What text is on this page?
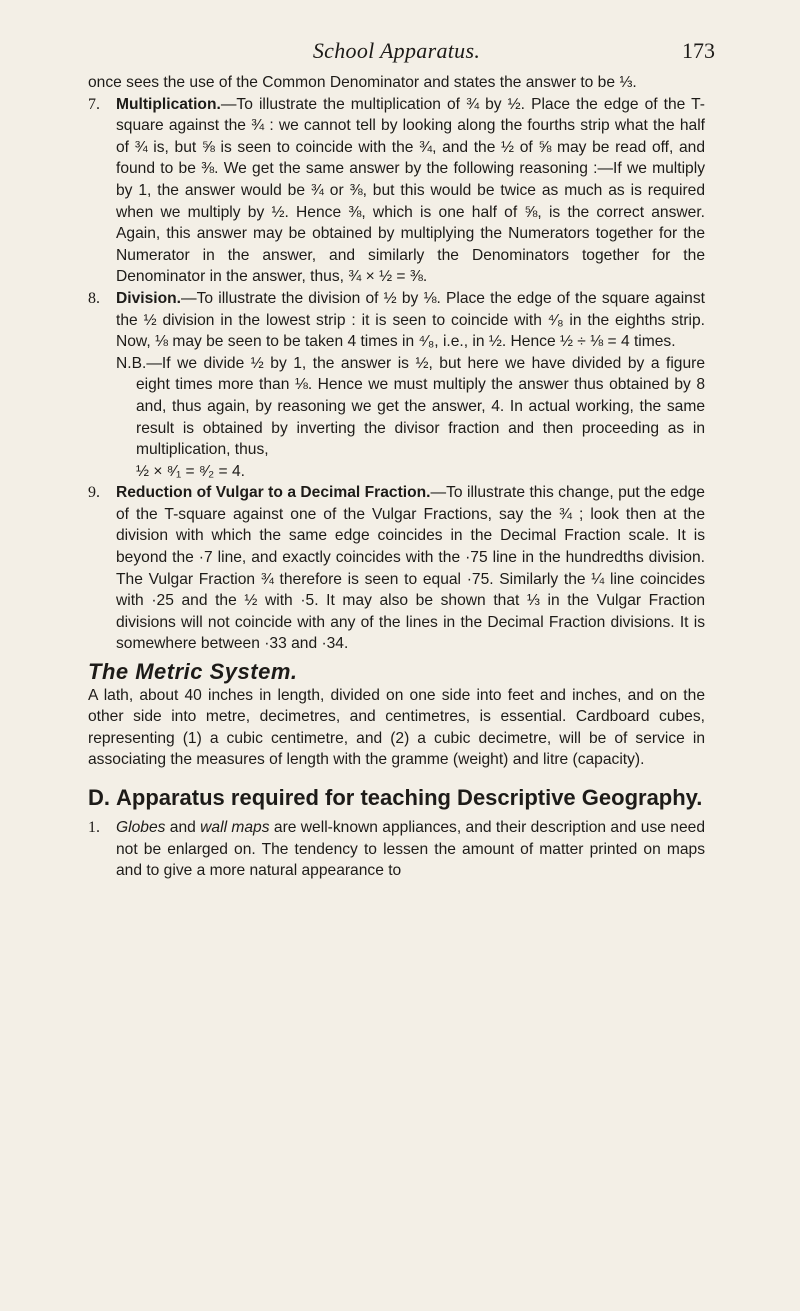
School Apparatus.	173

once sees the use of the Common Denominator and states the answer to be ⅓.

7. Multiplication.—To illustrate the multiplication of ¾ by ½. Place the edge of the T-square against the ¾ : we cannot tell by looking along the fourths strip what the half of ¾ is, but ⅝ is seen to coincide with the ¾, and the ½ of ⅝ may be read off, and found to be ⅜. We get the same answer by the following reasoning :—If we multiply by 1, the answer would be ¾ or ⅜, but this would be twice as much as is required when we multiply by ½. Hence ⅜, which is one half of ⅝, is the correct answer. Again, this answer may be obtained by multiplying the Numerators together for the Numerator in the answer, and similarly the Denominators together for the Denominator in the answer, thus, ¾ × ½ = ⅜.

8. Division.—To illustrate the division of ½ by ⅛. Place the edge of the square against the ½ division in the lowest strip : it is seen to coincide with ⁴⁄₈ in the eighths strip. Now, ⅛ may be seen to be taken 4 times in ⁴⁄₈, i.e., in ½. Hence ½ ÷ ⅛ = 4 times.

N.B.—If we divide ½ by 1, the answer is ½, but here we have divided by a figure eight times more than ⅛. Hence we must multiply the answer thus obtained by 8 and, thus again, by reasoning we get the answer, 4. In actual working, the same result is obtained by inverting the divisor fraction and then proceeding as in multiplication, thus,
½ × ⁸⁄₁ = ⁸⁄₂ = 4.

9. Reduction of Vulgar to a Decimal Fraction.—To illustrate this change, put the edge of the T-square against one of the Vulgar Fractions, say the ¾ ; look then at the division with which the same edge coincides in the Decimal Fraction scale. It is beyond the ·7 line, and exactly coincides with the ·75 line in the hundredths division. The Vulgar Fraction ¾ therefore is seen to equal ·75. Similarly the ¼ line coincides with ·25 and the ½ with ·5. It may also be shown that ⅓ in the Vulgar Fraction divisions will not coincide with any of the lines in the Decimal Fraction divisions. It is somewhere between ·33 and ·34.

The Metric System.

A lath, about 40 inches in length, divided on one side into feet and inches, and on the other side into metre, decimetres, and centimetres, is essential. Cardboard cubes, representing (1) a cubic centimetre, and (2) a cubic decimetre, will be of service in associating the measures of length with the gramme (weight) and litre (capacity).

D. Apparatus required for teaching Descriptive Geography.

1. Globes and wall maps are well-known appliances, and their description and use need not be enlarged on. The tendency to lessen the amount of matter printed on maps and to give a more natural appearance to
